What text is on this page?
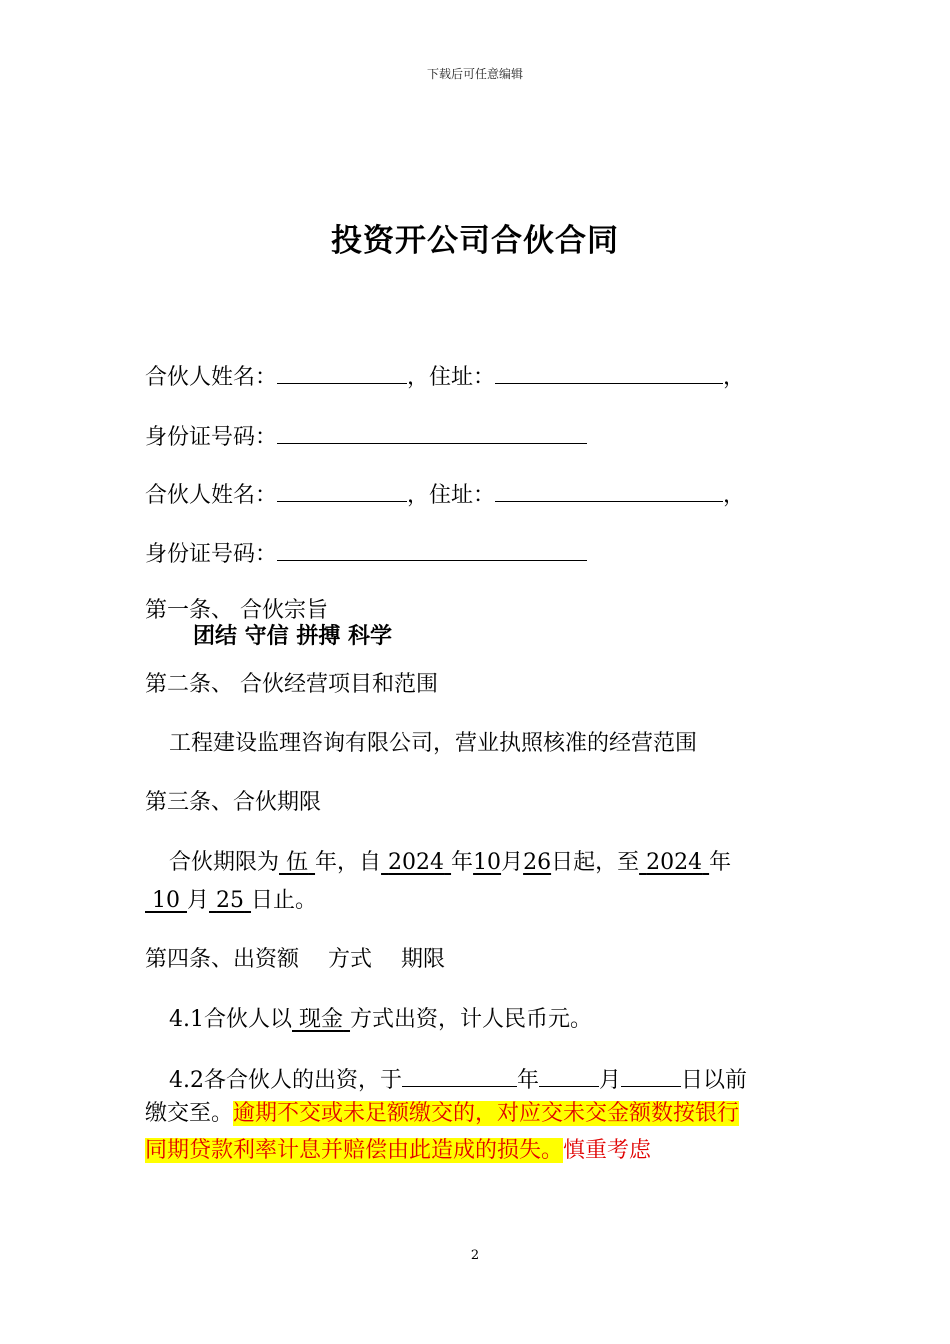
下载后可任意编辑
投资开公司合伙合同
合伙人姓名：	，住址：	，
身份证号码：
合伙人姓名：	，住址：	，
身份证号码：
第一条、 合伙宗旨
团结 守信 拼搏 科学
第二条、 合伙经营项目和范围
工程建设监理咨询有限公司，营业执照核准的经营范围
第三条、合伙期限
合伙期限为 伍 年，自 2024 年10月26日起，至 2024 年
10 月 25 日止。
第四条、出资额　 方式　 期限
4.1合伙人以 现金 方式出资，计人民币元。
4.2各合伙人的出资，于	年	月	日以前
缴交至。逾期不交或未足额缴交的，对应交未交金额数按银行
同期贷款利率计息并赔偿由此造成的损失。慎重考虑
2
